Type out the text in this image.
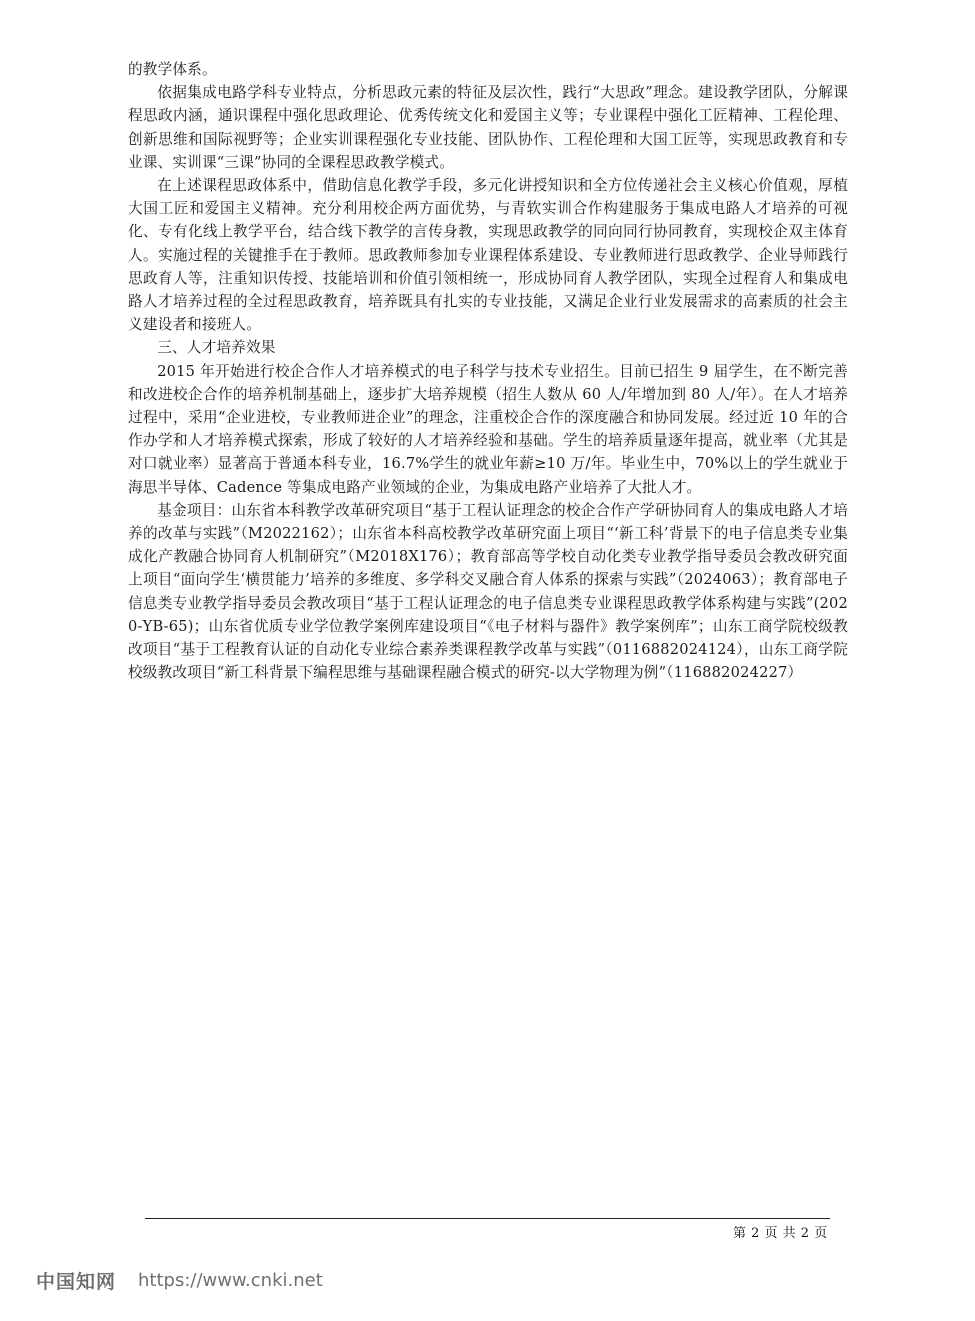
的教学体系。

依据集成电路学科专业特点，分析思政元素的特征及层次性，践行“大思政”理念。建设教学团队，分解课程思政内涵，通识课程中强化思政理论、优秀传统文化和爱国主义等；专业课程中强化工匠精神、工程伦理、创新思维和国际视野等；企业实训课程强化专业技能、团队协作、工程伦理和大国工匠等，实现思政教育和专业课、实训课“三课”协同的全课程思政教学模式。

在上述课程思政体系中，借助信息化教学手段，多元化讲授知识和全方位传递社会主义核心价值观，厚植大国工匠和爱国主义精神。充分利用校企两方面优势，与青软实训合作构建服务于集成电路人才培养的可视化、专有化线上教学平台，结合线下教学的言传身教，实现思政教学的同向同行协同教育，实现校企双主体育人。实施过程的关键推手在于教师。思政教师参加专业课程体系建设、专业教师进行思政教学、企业导师践行思政育人等，注重知识传授、技能培训和价值引领相统一，形成协同育人教学团队，实现全过程育人和集成电路人才培养过程的全过程思政教育，培养既具有扎实的专业技能，又满足企业行业发展需求的高素质的社会主义建设者和接班人。

三、人才培养效果

2015 年开始进行校企合作人才培养模式的电子科学与技术专业招生。目前已招生 9 届学生，在不断完善和改进校企合作的培养机制基础上，逐步扩大培养规模（招生人数从 60 人/年增加到 80 人/年）。在人才培养过程中，采用“企业进校，专业教师进企业”的理念，注重校企合作的深度融合和协同发展。经过近 10 年的合作办学和人才培养模式探索，形成了较好的人才培养经验和基础。学生的培养质量逐年提高，就业率（尤其是对口就业率）显著高于普通本科专业，16.7%学生的就业年薪≥10 万/年。毕业生中，70%以上的学生就业于海思半导体、Cadence 等集成电路产业领域的企业，为集成电路产业培养了大批人才。

基金项目：山东省本科教学改革研究项目“基于工程认证理念的校企合作产学研协同育人的集成电路人才培养的改革与实践”（M2022162）；山东省本科高校教学改革研究面上项目“‘新工科’背景下的电子信息类专业集成化产教融合协同育人机制研究”（M2018X176）；教育部高等学校自动化类专业教学指导委员会教改研究面上项目“面向学生‘横贯能力’培养的多维度、多学科交叉融合育人体系的探索与实践”（2024063）；教育部电子信息类专业教学指导委员会教改项目“基于工程认证理念的电子信息类专业课程思政教学体系构建与实践”(2020-YB-65)；山东省优质专业学位教学案例库建设项目“《电子材料与器件》教学案例库”；山东工商学院校级教改项目“基于工程教育认证的自动化专业综合素养类课程教学改革与实践”（0116882024124），山东工商学院校级教改项目“新工科背景下编程思维与基础课程融合模式的研究-以大学物理为例”（116882024227）

第 2 页 共 2 页
中国知网 https://www.cnki.net
